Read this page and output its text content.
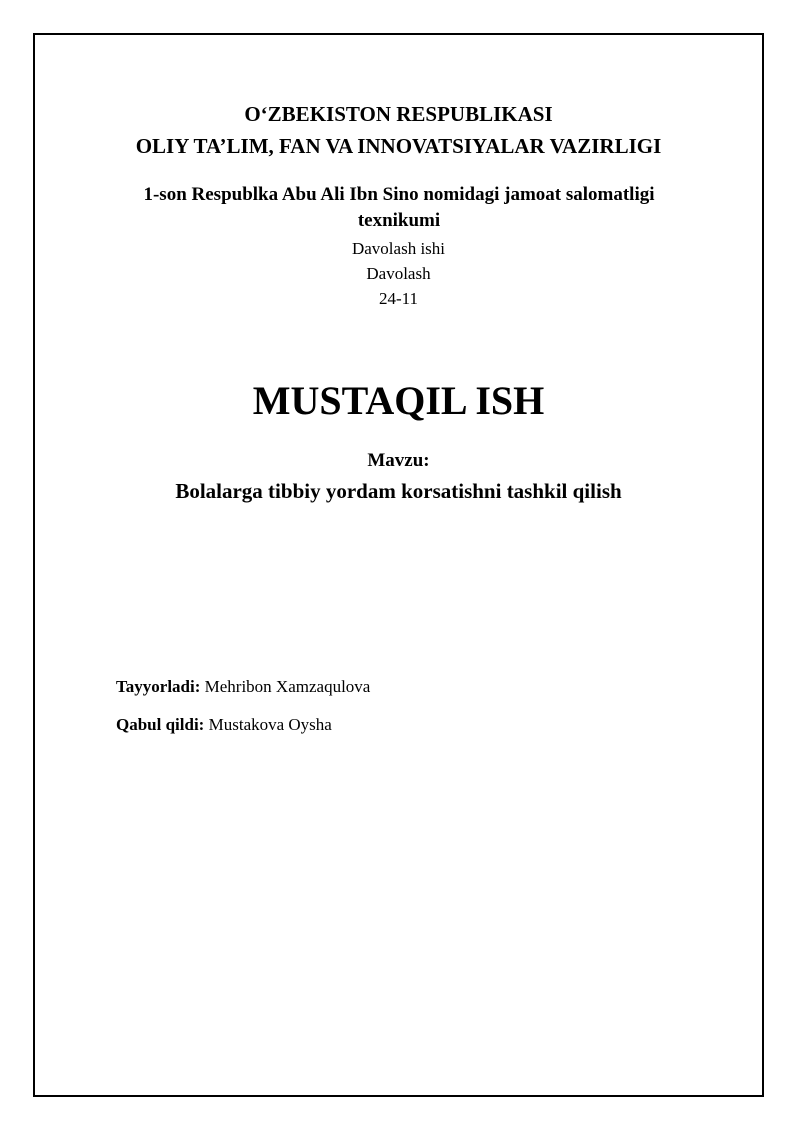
O‘ZBEKISTON RESPUBLIKASI
OLIY TA’LIM, FAN VA INNOVATSIYALAR VAZIRLIGI
1-son Respublka Abu Ali Ibn Sino nomidagi jamoat salomatligi texnikumi
Davolash ishi
Davolash
24-11
MUSTAQIL ISH
Mavzu:
Bolalarga tibbiy yordam korsatishni tashkil qilish
Tayyorladi: Mehribon Xamzaqulova
Qabul qildi: Mustakova Oysha
